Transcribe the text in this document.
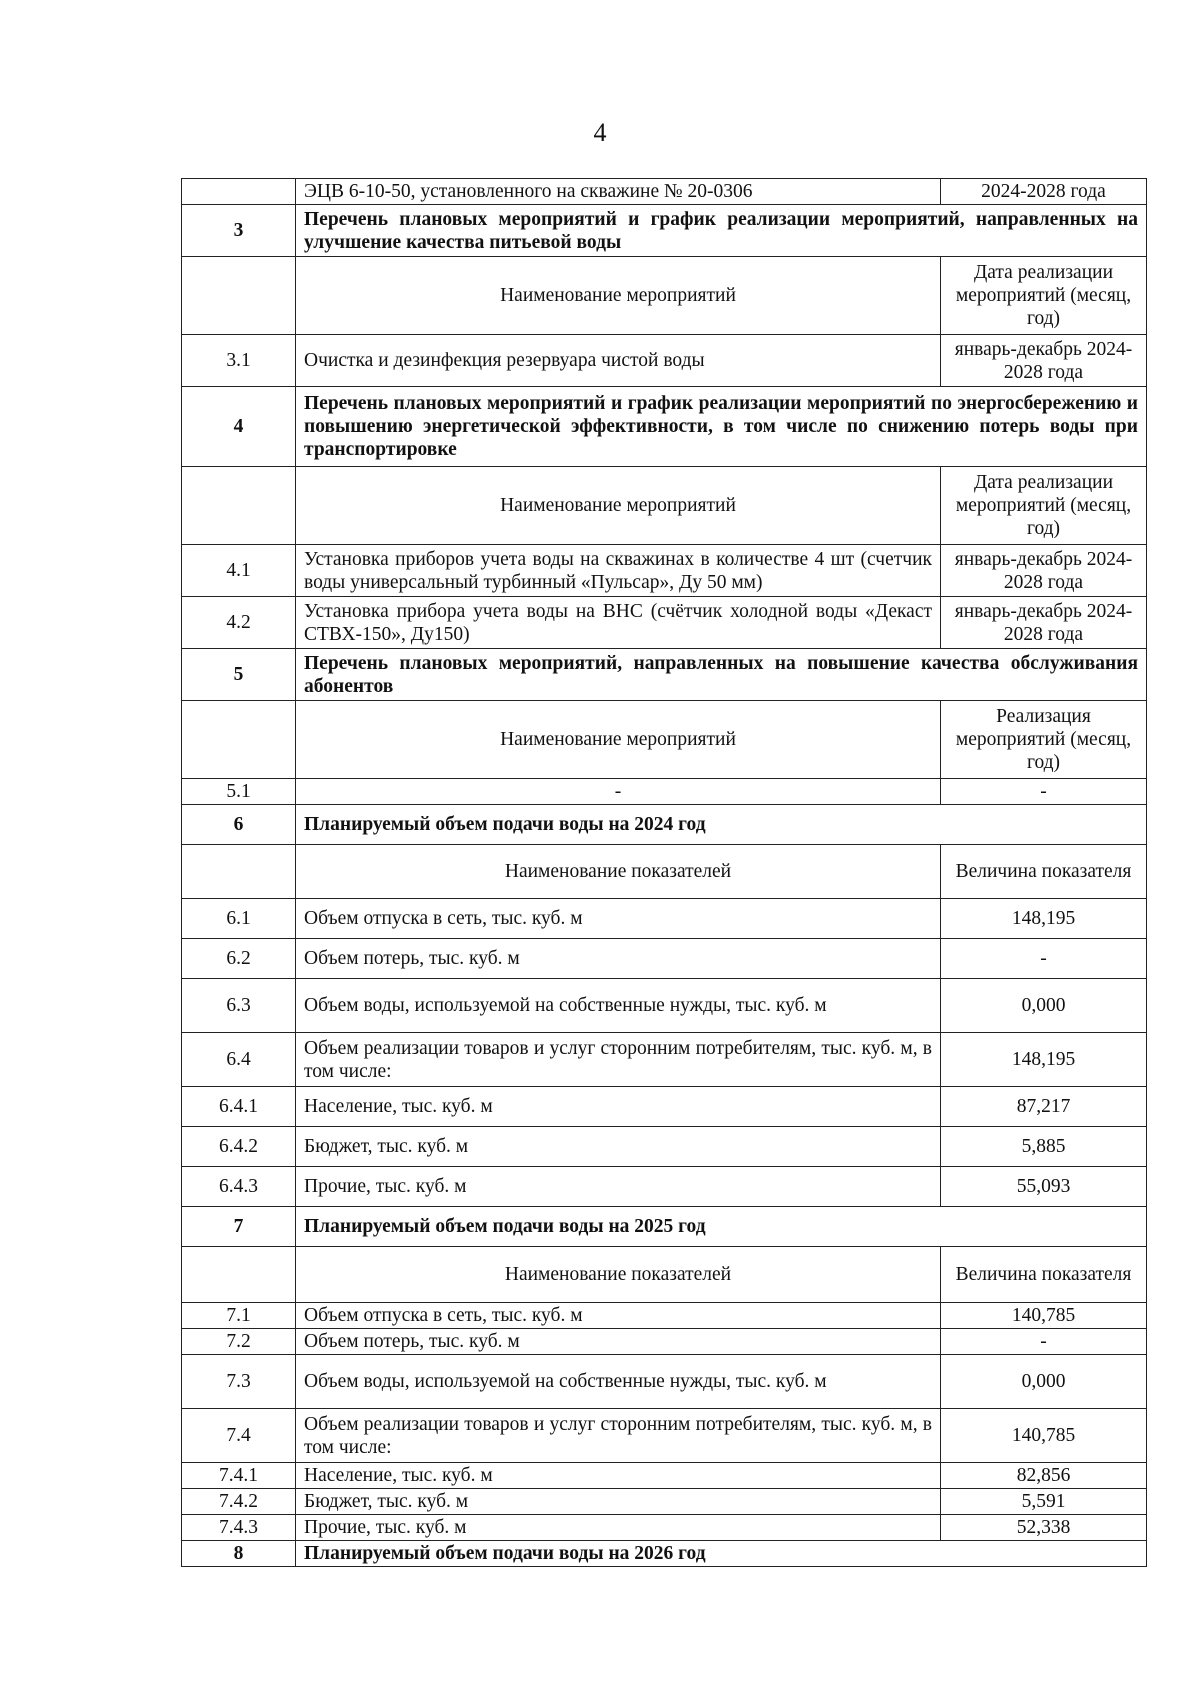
4
	ЭЦВ 6-10-50, установленного на скважине № 20-0306	2024-2028 года
3	Перечень плановых мероприятий и график реализации мероприятий, направленных на улучшение качества питьевой воды	
	Наименование мероприятий	Дата реализации мероприятий (месяц, год)
3.1	Очистка и дезинфекция резервуара чистой воды	январь-декабрь 2024-2028 года
4	Перечень плановых мероприятий и график реализации мероприятий по энергосбережению и повышению энергетической эффективности, в том числе по снижению потерь воды при транспортировке	
	Наименование мероприятий	Дата реализации мероприятий (месяц, год)
4.1	Установка приборов учета воды на скважинах в количестве 4 шт (счетчик воды универсальный турбинный «Пульсар», Ду 50 мм)	январь-декабрь 2024-2028 года
4.2	Установка прибора учета воды на ВНС (счётчик холодной воды «Декаст СТВХ-150», Ду150)	январь-декабрь 2024-2028 года
5	Перечень плановых мероприятий, направленных на повышение качества обслуживания абонентов	
	Наименование мероприятий	Реализация мероприятий (месяц, год)
5.1	-	-
6	Планируемый объем подачи воды на 2024 год	
	Наименование показателей	Величина показателя
6.1	Объем отпуска в сеть, тыс. куб. м	148,195
6.2	Объем потерь, тыс. куб. м	-
6.3	Объем воды, используемой на собственные нужды, тыс. куб. м	0,000
6.4	Объем реализации товаров и услуг сторонним потребителям, тыс. куб. м, в том числе:	148,195
6.4.1	Население, тыс. куб. м	87,217
6.4.2	Бюджет, тыс. куб. м	5,885
6.4.3	Прочие, тыс. куб. м	55,093
7	Планируемый объем подачи воды на 2025 год	
	Наименование показателей	Величина показателя
7.1	Объем отпуска в сеть, тыс. куб. м	140,785
7.2	Объем потерь, тыс. куб. м	-
7.3	Объем воды, используемой на собственные нужды, тыс. куб. м	0,000
7.4	Объем реализации товаров и услуг сторонним потребителям, тыс. куб. м, в том числе:	140,785
7.4.1	Население, тыс. куб. м	82,856
7.4.2	Бюджет, тыс. куб. м	5,591
7.4.3	Прочие, тыс. куб. м	52,338
8	Планируемый объем подачи воды на 2026 год	
